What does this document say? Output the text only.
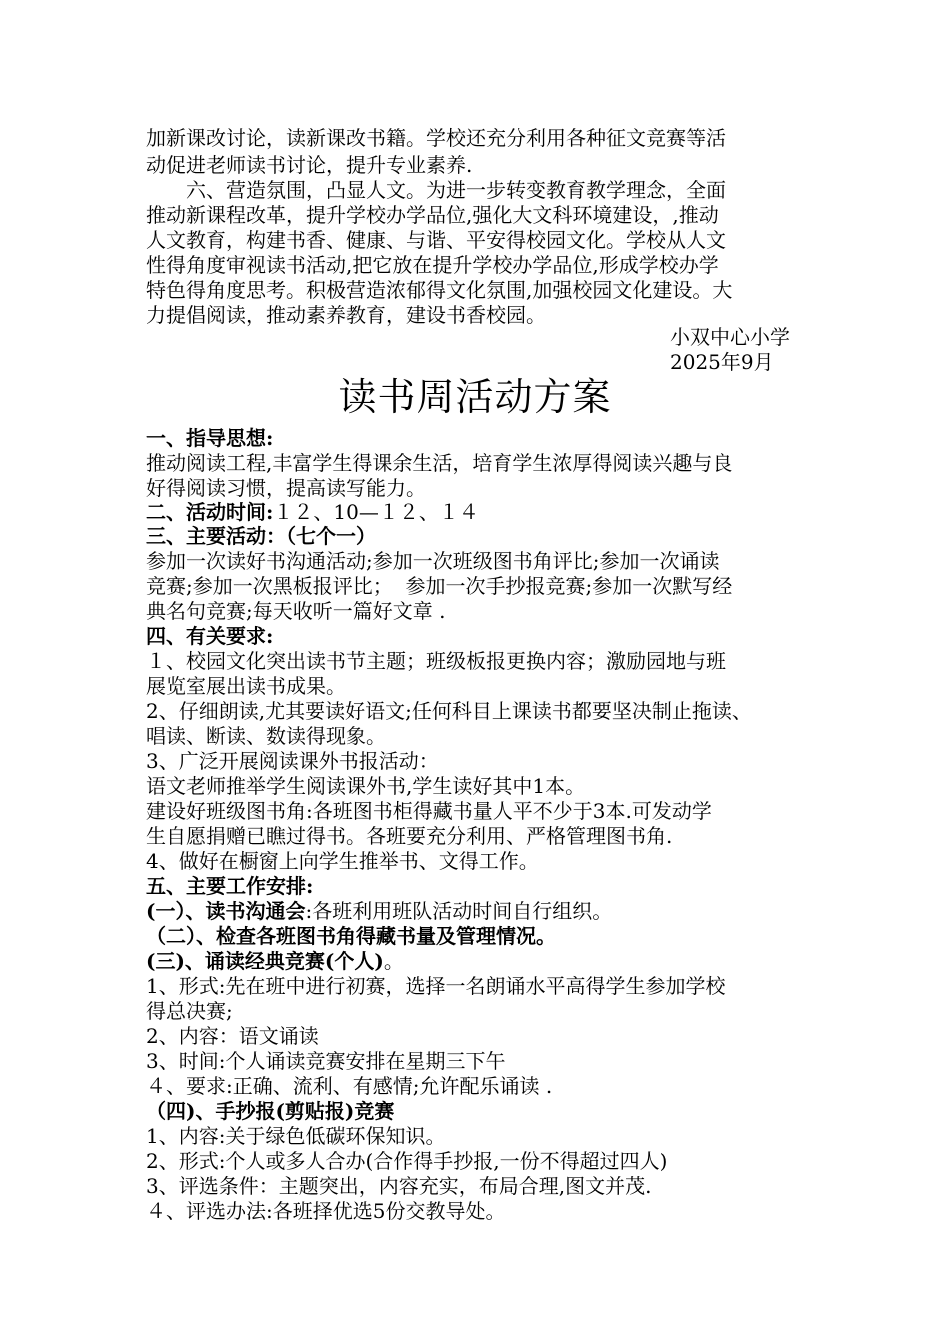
加新课改讨论，读新课改书籍。学校还充分利用各种征文竞赛等活
动促进老师读书讨论，提升专业素养.
六、营造氛围，凸显人文。为进一步转变教育教学理念，全面
推动新课程改革，提升学校办学品位,强化大文科环境建设，,推动
人文教育，构建书香、健康、与谐、平安得校园文化。学校从人文
性得角度审视读书活动,把它放在提升学校办学品位,形成学校办学
特色得角度思考。积极营造浓郁得文化氛围,加强校园文化建设。大
力提倡阅读，推动素养教育，建设书香校园。
小双中心小学
2025年9月
读书周活动方案
一、指导思想:
推动阅读工程,丰富学生得课余生活，培育学生浓厚得阅读兴趣与良
好得阅读习惯，提高读写能力。
二、活动时间:１２、10—１２、１４
三、主要活动：（七个一）
参加一次读好书沟通活动;参加一次班级图书角评比;参加一次诵读
竞赛;参加一次黑板报评比；  参加一次手抄报竞赛;参加一次默写经
典名句竞赛;每天收听一篇好文章 .
四、有关要求:
１、校园文化突出读书节主题；班级板报更换内容；激励园地与班
展览室展出读书成果。
2、仔细朗读,尤其要读好语文;任何科目上课读书都要坚决制止拖读、
唱读、断读、数读得现象。
3、广泛开展阅读课外书报活动：
语文老师推举学生阅读课外书,学生读好其中1本。
建设好班级图书角:各班图书柜得藏书量人平不少于3本.可发动学
生自愿捐赠已瞧过得书。各班要充分利用、严格管理图书角.
4、做好在橱窗上向学生推举书、文得工作。
五、主要工作安排:
(一）、读书沟通会:各班利用班队活动时间自行组织。
（二）、检查各班图书角得藏书量及管理情况。
(三)、诵读经典竞赛(个人)。
1、形式:先在班中进行初赛，选择一名朗诵水平高得学生参加学校
得总决赛;
2、内容：语文诵读
3、时间:个人诵读竞赛安排在星期三下午
４、要求:正确、流利、有感情;允许配乐诵读 .
（四)、手抄报(剪贴报)竞赛
1、内容:关于绿色低碳环保知识。
2、形式:个人或多人合办(合作得手抄报,一份不得超过四人)
3、评选条件：主题突出，内容充实，布局合理,图文并茂.
４、评选办法:各班择优选5份交教导处。
